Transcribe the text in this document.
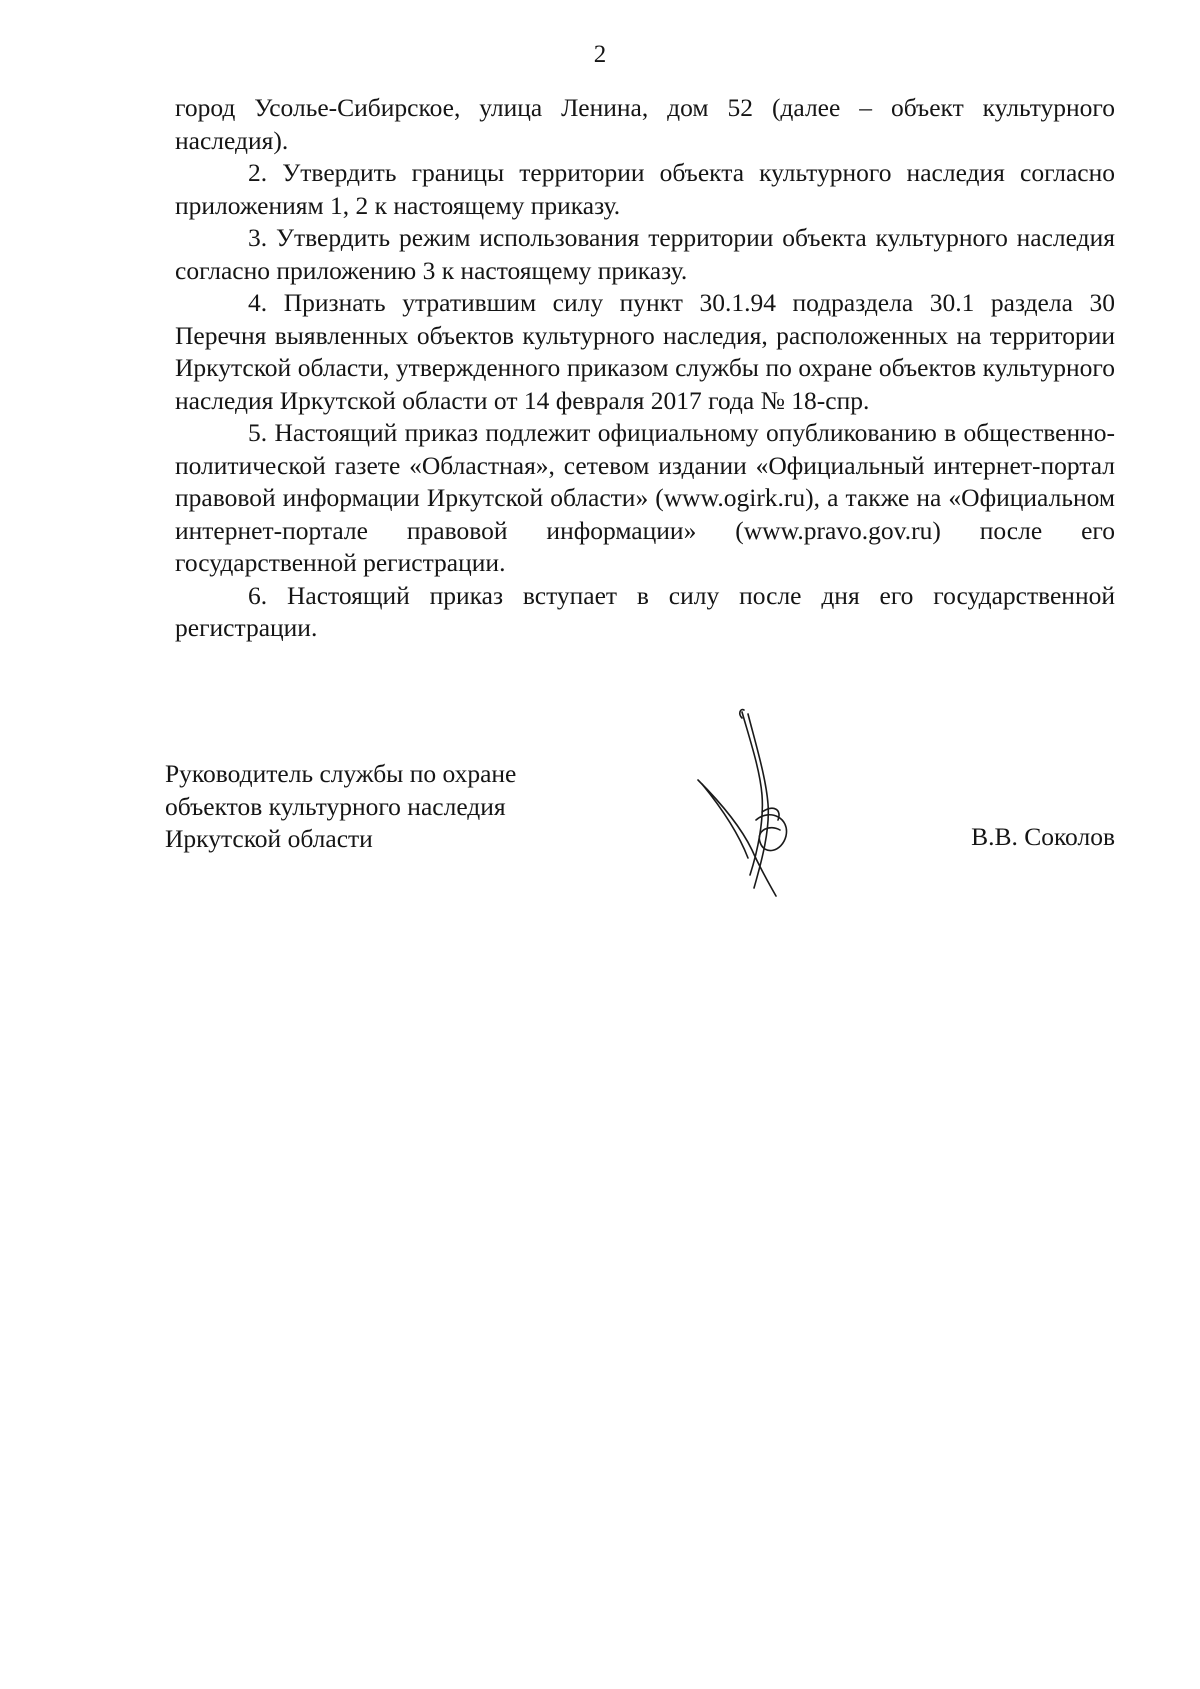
2

город Усолье-Сибирское, улица Ленина, дом 52 (далее – объект культурного наследия).

2. Утвердить границы территории объекта культурного наследия согласно приложениям 1, 2 к настоящему приказу.

3. Утвердить режим использования территории объекта культурного наследия согласно приложению 3 к настоящему приказу.

4. Признать утратившим силу пункт 30.1.94 подраздела 30.1 раздела 30 Перечня выявленных объектов культурного наследия, расположенных на территории Иркутской области, утвержденного приказом службы по охране объектов культурного наследия Иркутской области от 14 февраля 2017 года № 18-спр.

5. Настоящий приказ подлежит официальному опубликованию в общественно-политической газете «Областная», сетевом издании «Официальный интернет-портал правовой информации Иркутской области» (www.ogirk.ru), а также на «Официальном интернет-портале правовой информации» (www.pravo.gov.ru) после его государственной регистрации.

6. Настоящий приказ вступает в силу после дня его государственной регистрации.

Руководитель службы по охране
объектов культурного наследия
Иркутской области	В.В. Соколов
